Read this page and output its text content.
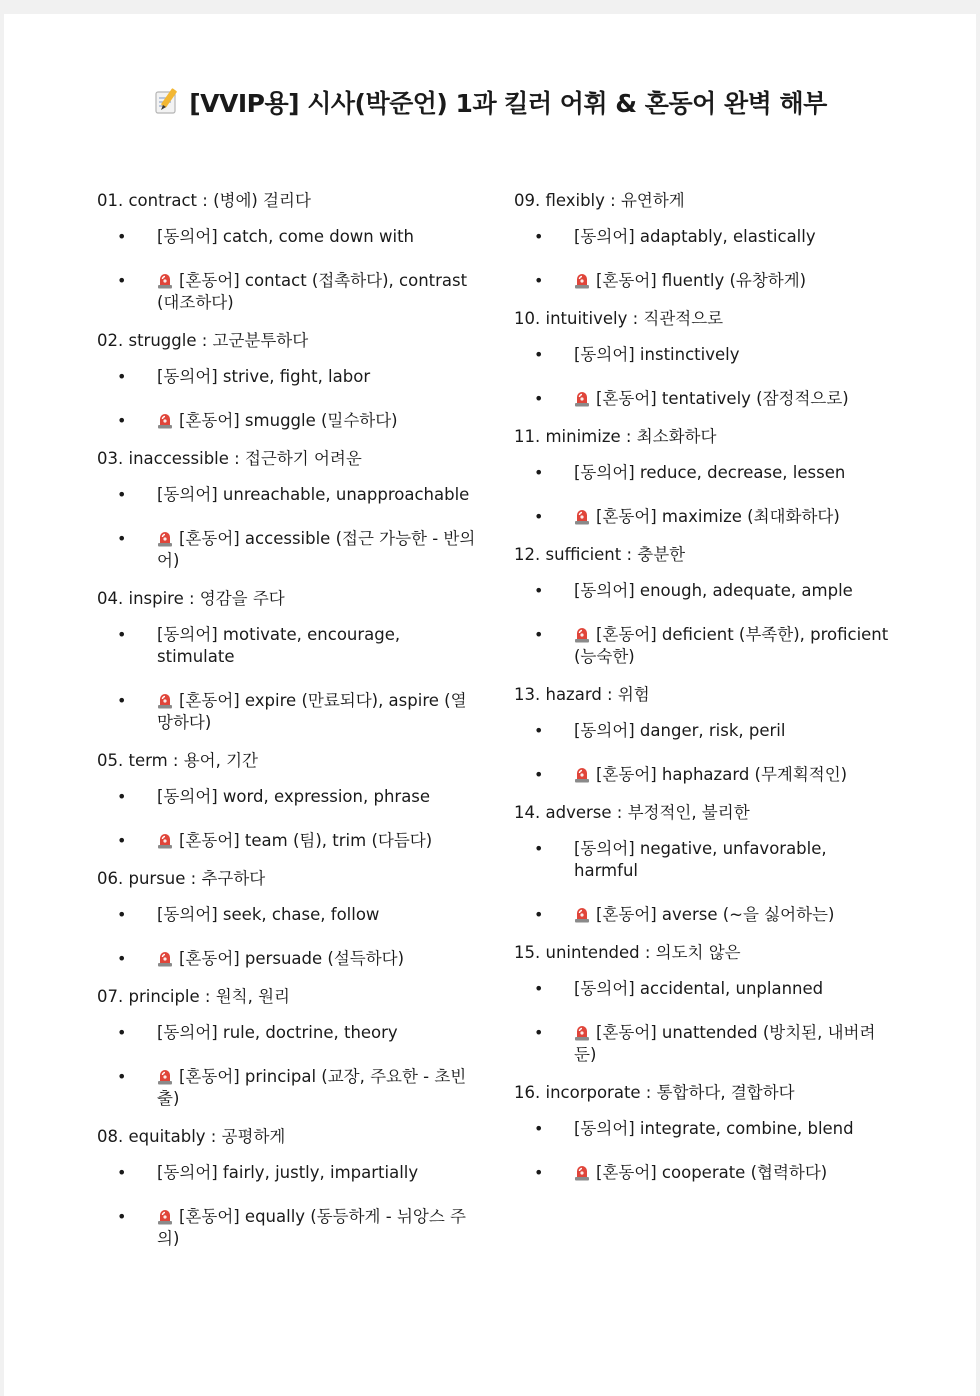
[VVIP용] 시사(박준언) 1과 킬러 어휘 & 혼동어 완벽 해부

01. contract : (병에) 걸리다

• [동의어] catch, come down with
•	[혼동어] contact (접촉하다), contrast (대조하다)

02. struggle : 고군분투하다

• [동의어] strive, fight, labor
•	[혼동어] smuggle (밀수하다)

03. inaccessible : 접근하기 어려운

• [동의어] unreachable, unapproachable
•	[혼동어] accessible (접근 가능한 - 반의어)

04. inspire : 영감을 주다

• [동의어] motivate, encourage, stimulate
•	[혼동어] expire (만료되다), aspire (열망하다)

05. term : 용어, 기간

• [동의어] word, expression, phrase
•	[혼동어] team (팀), trim (다듬다)

06. pursue : 추구하다

• [동의어] seek, chase, follow
•	[혼동어] persuade (설득하다)

07. principle : 원칙, 원리

• [동의어] rule, doctrine, theory
•	[혼동어] principal (교장, 주요한 - 초빈출)

08. equitably : 공평하게

• [동의어] fairly, justly, impartially
•	[혼동어] equally (동등하게 - 뉘앙스 주의)

09. flexibly : 유연하게

• [동의어] adaptably, elastically
•	[혼동어] fluently (유창하게)

10. intuitively : 직관적으로

• [동의어] instinctively
•	[혼동어] tentatively (잠정적으로)

11. minimize : 최소화하다

• [동의어] reduce, decrease, lessen
•	[혼동어] maximize (최대화하다)

12. sufficient : 충분한

• [동의어] enough, adequate, ample
•	[혼동어] deficient (부족한), proficient (능숙한)

13. hazard : 위험

• [동의어] danger, risk, peril
•	[혼동어] haphazard (무계획적인)

14. adverse : 부정적인, 불리한

• [동의어] negative, unfavorable, harmful
•	[혼동어] averse (~을 싫어하는)

15. unintended : 의도치 않은

• [동의어] accidental, unplanned
•	[혼동어] unattended (방치된, 내버려둔)

16. incorporate : 통합하다, 결합하다

• [동의어] integrate, combine, blend
•	[혼동어] cooperate (협력하다)
